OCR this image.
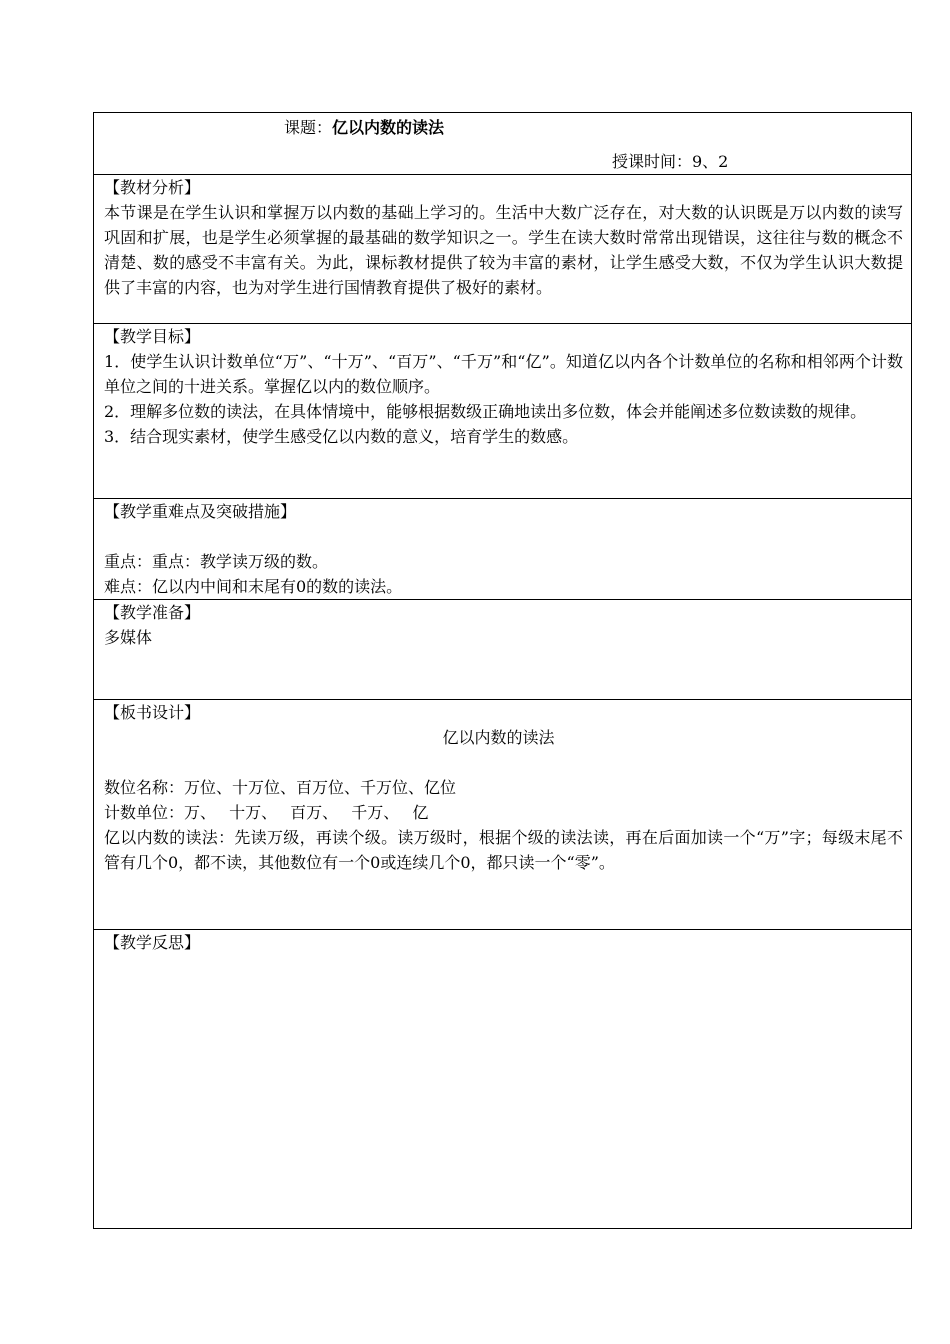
课题：亿以内数的读法
授课时间：9、2

【教材分析】

本节课是在学生认识和掌握万以内数的基础上学习的。生活中大数广泛存在，对大数的认识既是万以内数的读写巩固和扩展，也是学生必须掌握的最基础的数学知识之一。学生在读大数时常常出现错误，这往往与数的概念不清楚、数的感受不丰富有关。为此，课标教材提供了较为丰富的素材，让学生感受大数，不仅为学生认识大数提供了丰富的内容，也为对学生进行国情教育提供了极好的素材。

【教学目标】

1．使学生认识计数单位“万”、“十万”、“百万”、“千万”和“亿”。知道亿以内各个计数单位的名称和相邻两个计数单位之间的十进关系。掌握亿以内的数位顺序。

2．理解多位数的读法，在具体情境中，能够根据数级正确地读出多位数，体会并能阐述多位数读数的规律。

3．结合现实素材，使学生感受亿以内数的意义，培育学生的数感。

【教学重难点及突破措施】

重点：重点：教学读万级的数。

难点：亿以内中间和末尾有0的数的读法。

【教学准备】

多媒体

【板书设计】

亿以内数的读法

数位名称：万位、十万位、百万位、千万位、亿位

计数单位：万、　 十万、　 百万、　 千万、　 亿

亿以内数的读法：先读万级，再读个级。读万级时，根据个级的读法读，再在后面加读一个“万”字；每级末尾不管有几个0，都不读，其他数位有一个0或连续几个0，都只读一个“零”。

【教学反思】
